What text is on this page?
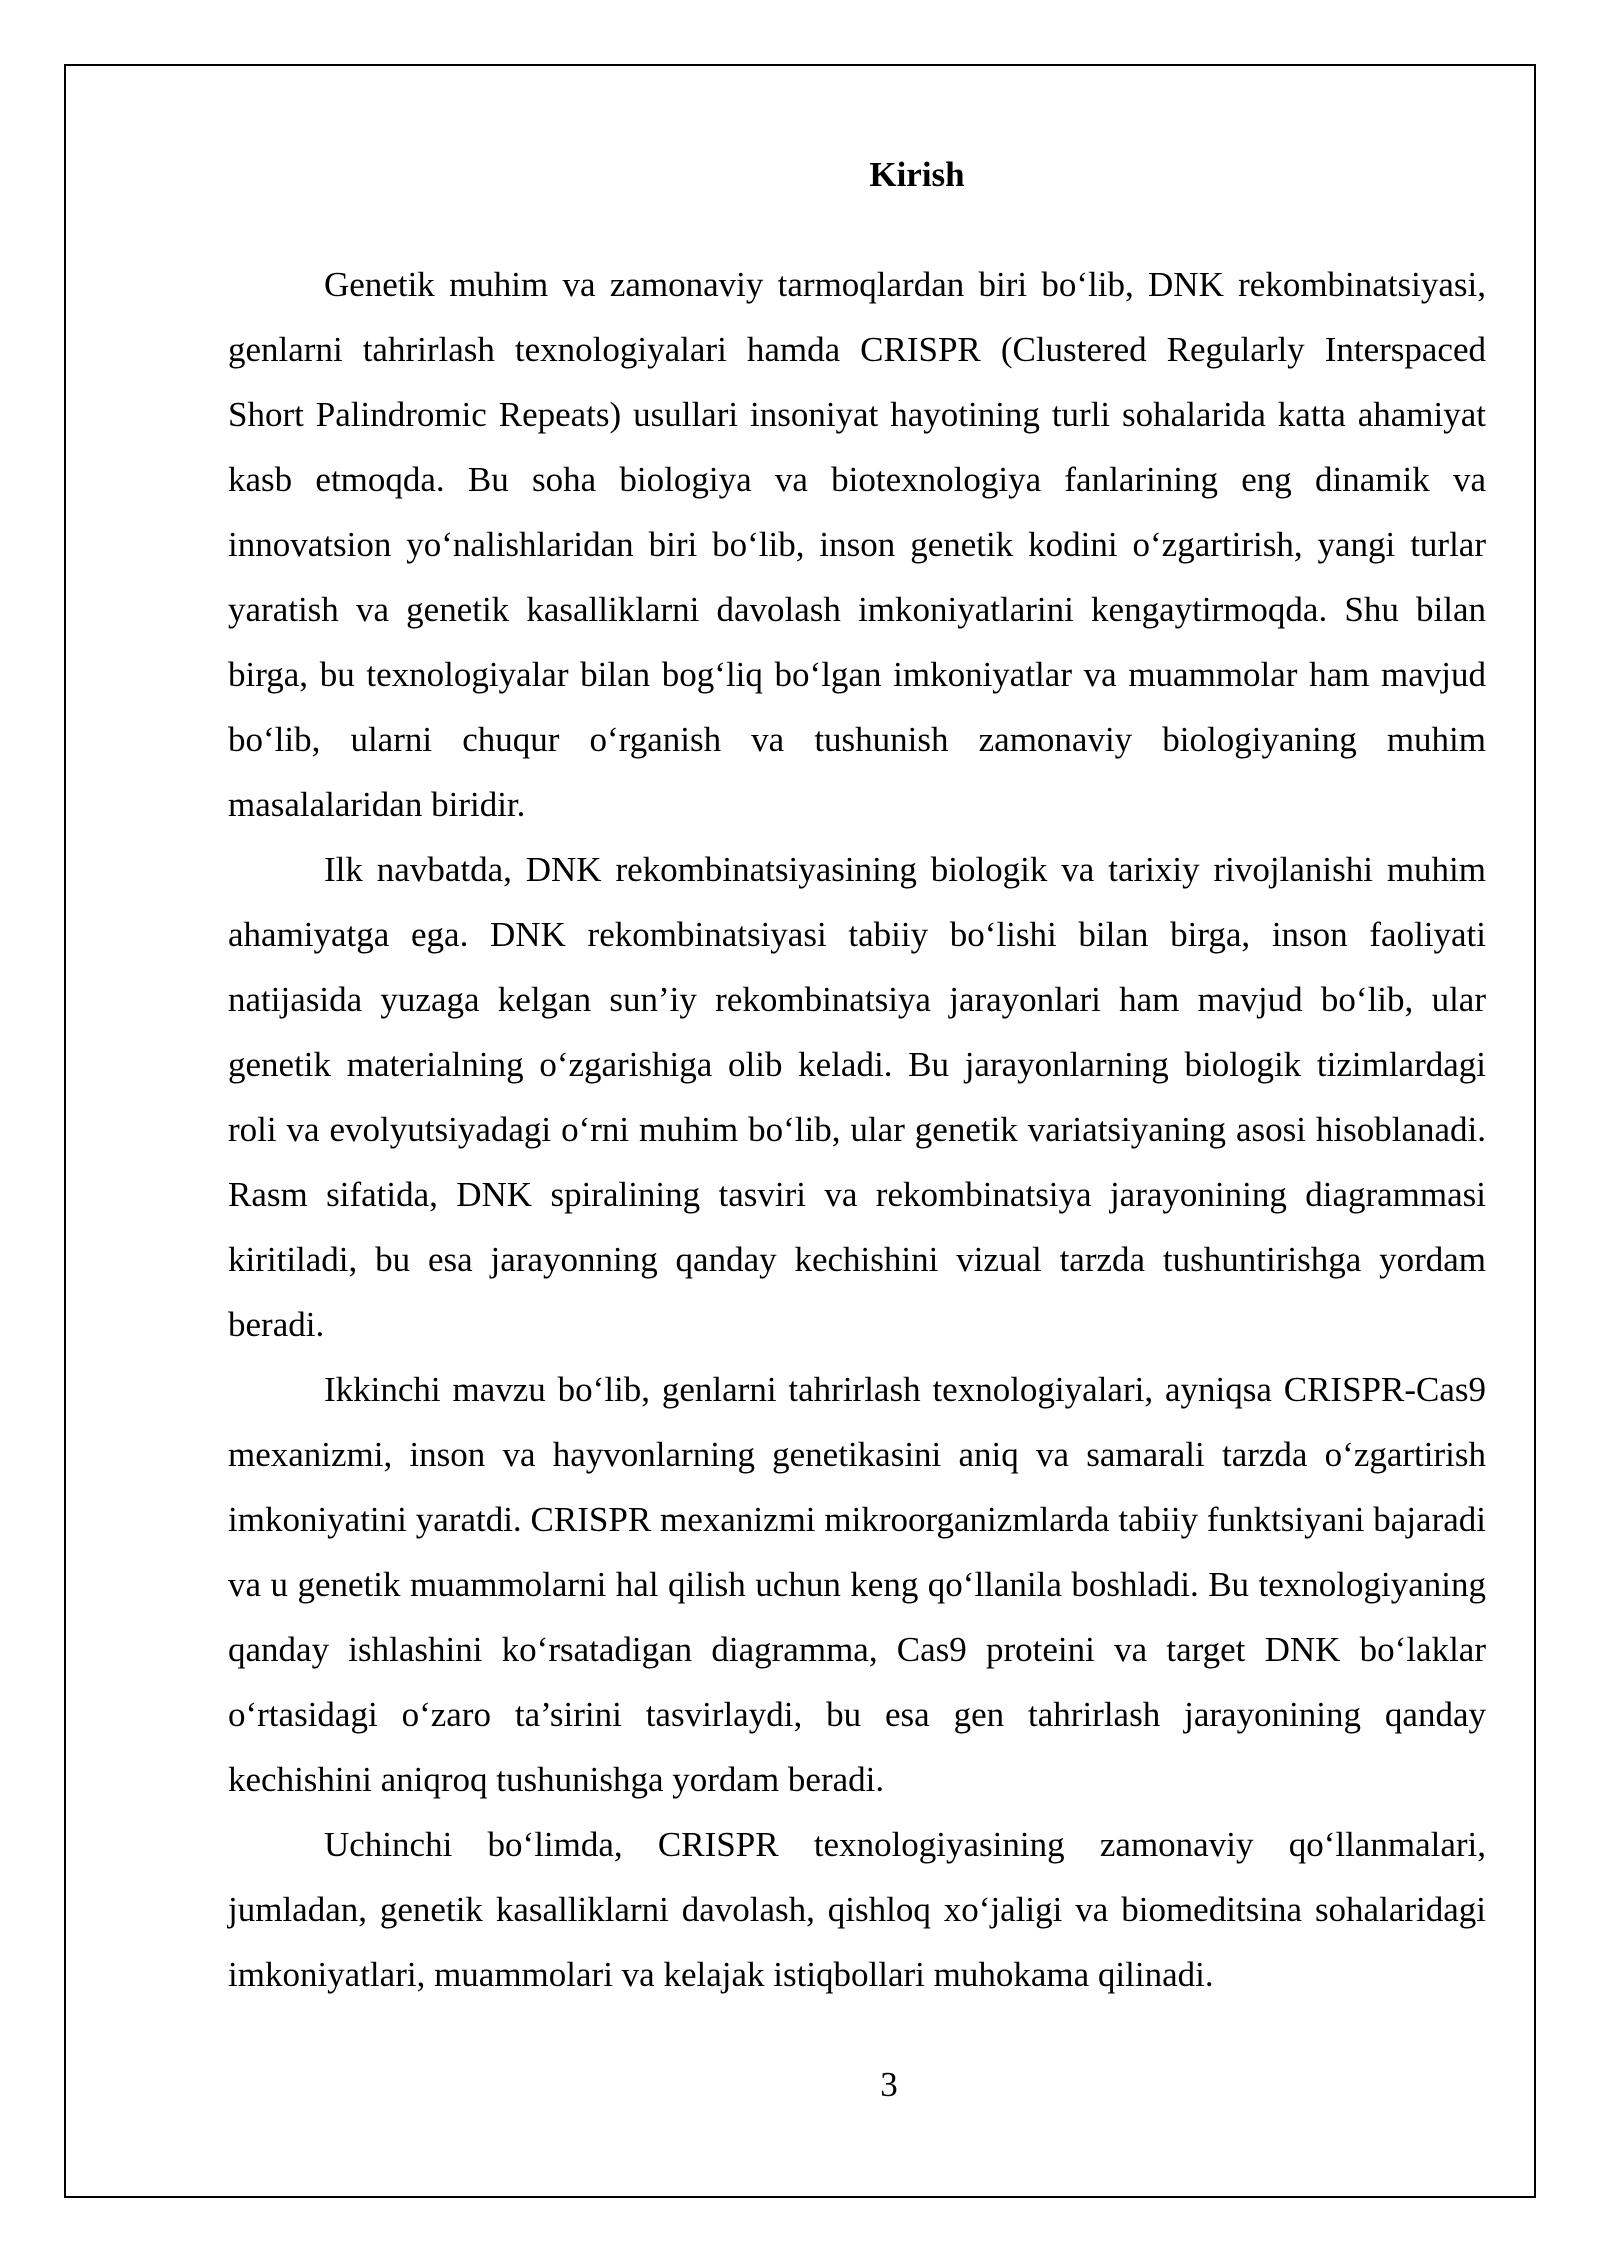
Kirish

Genetik muhim va zamonaviy tarmoqlardan biri bo‘lib, DNK rekombinatsiyasi, genlarni tahrirlash texnologiyalari hamda CRISPR (Clustered Regularly Interspaced Short Palindromic Repeats) usullari insoniyat hayotining turli sohalarida katta ahamiyat kasb etmoqda. Bu soha biologiya va biotexnologiya fanlarining eng dinamik va innovatsion yo‘nalishlaridan biri bo‘lib, inson genetik kodini o‘zgartirish, yangi turlar yaratish va genetik kasalliklarni davolash imkoniyatlarini kengaytirmoqda. Shu bilan birga, bu texnologiyalar bilan bog‘liq bo‘lgan imkoniyatlar va muammolar ham mavjud bo‘lib, ularni chuqur o‘rganish va tushunish zamonaviy biologiyaning muhim masalalaridan biridir.

Ilk navbatda, DNK rekombinatsiyasining biologik va tarixiy rivojlanishi muhim ahamiyatga ega. DNK rekombinatsiyasi tabiiy bo‘lishi bilan birga, inson faoliyati natijasida yuzaga kelgan sun’iy rekombinatsiya jarayonlari ham mavjud bo‘lib, ular genetik materialning o‘zgarishiga olib keladi. Bu jarayonlarning biologik tizimlardagi roli va evolyutsiyadagi o‘rni muhim bo‘lib, ular genetik variatsiyaning asosi hisoblanadi. Rasm sifatida, DNK spiralining tasviri va rekombinatsiya jarayonining diagrammasi kiritiladi, bu esa jarayonning qanday kechishini vizual tarzda tushuntirishga yordam beradi.

Ikkinchi mavzu bo‘lib, genlarni tahrirlash texnologiyalari, ayniqsa CRISPR-Cas9 mexanizmi, inson va hayvonlarning genetikasini aniq va samarali tarzda o‘zgartirish imkoniyatini yaratdi. CRISPR mexanizmi mikroorganizmlarda tabiiy funktsiyani bajaradi va u genetik muammolarni hal qilish uchun keng qo‘llanila boshladi. Bu texnologiyaning qanday ishlashini ko‘rsatadigan diagramma, Cas9 proteini va target DNK bo‘laklar o‘rtasidagi o‘zaro ta’sirini tasvirlaydi, bu esa gen tahrirlash jarayonining qanday kechishini aniqroq tushunishga yordam beradi.

Uchinchi bo‘limda, CRISPR texnologiyasining zamonaviy qo‘llanmalari, jumladan, genetik kasalliklarni davolash, qishloq xo‘jaligi va biomeditsina sohalaridagi imkoniyatlari, muammolari va kelajak istiqbollari muhokama qilinadi.

3
